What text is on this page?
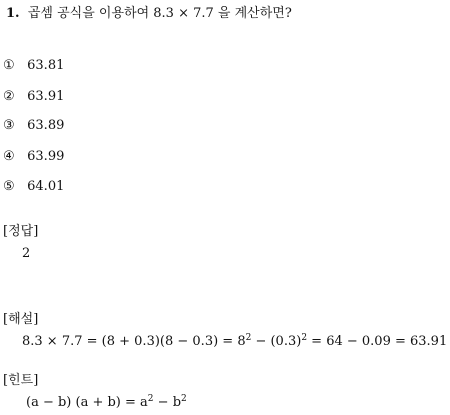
1. 곱셈 공식을 이용하여 8.3 × 7.7 을 계산하면?
① 63.81
② 63.91
③ 63.89
④ 63.99
⑤ 64.01
[정답]
2
[해설]
$8.3 \times 7.7 = (8 + 0.3)(8 - 0.3) = 8^2 - (0.3)^2 = 64 - 0.09 = 63.91$
[힌트]
(a − b) $(a + b) = a^2 - b^2$
